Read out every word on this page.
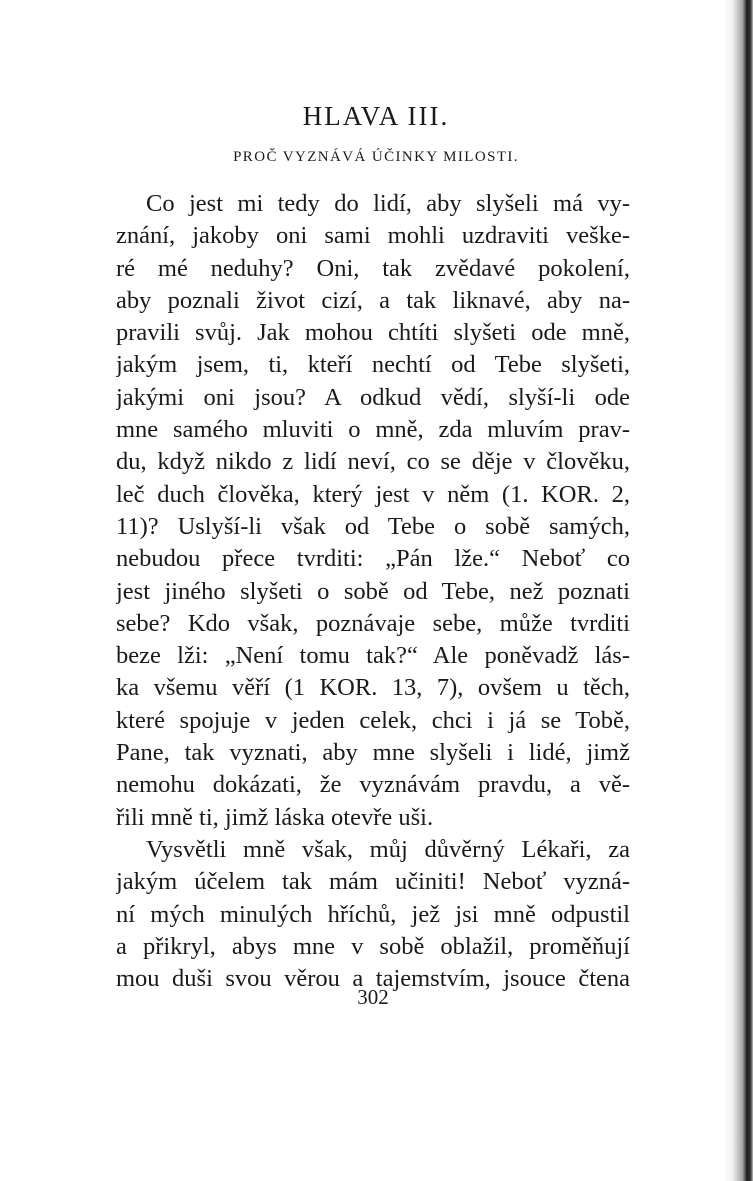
HLAVA III.
PROČ VYZNÁVÁ ÚČINKY MILOSTI.
Co jest mi tedy do lidí, aby slyšeli má vy-
znání, jakoby oni sami mohli uzdraviti veške-
ré mé neduhy? Oni, tak zvědavé pokolení,
aby poznali život cizí, a tak liknavé, aby na-
pravili svůj. Jak mohou chtíti slyšeti ode mně,
jakým jsem, ti, kteří nechtí od Tebe slyšeti,
jakými oni jsou? A odkud vědí, slyší-li ode
mne samého mluviti o mně, zda mluvím prav-
du, když nikdo z lidí neví, co se děje v člověku,
leč duch člověka, který jest v něm (1. KOR. 2,
11)? Uslyší-li však od Tebe o sobě samých,
nebudou přece tvrditi: „Pán lže.“ Neboť co
jest jiného slyšeti o sobě od Tebe, než poznati
sebe? Kdo však, poznávaje sebe, může tvrditi
beze lži: „Není tomu tak?“ Ale poněvadž lás-
ka všemu věří (1 KOR. 13, 7), ovšem u těch,
které spojuje v jeden celek, chci i já se Tobě,
Pane, tak vyznati, aby mne slyšeli i lidé, jimž
nemohu dokázati, že vyznávám pravdu, a vě-
řili mně ti, jimž láska otevře uši.
Vysvětli mně však, můj důvěrný Lékaři, za
jakým účelem tak mám učiniti! Neboť vyzná-
ní mých minulých hříchů, jež jsi mně odpustil
a přikryl, abys mne v sobě oblažil, proměňují
mou duši svou věrou a tajemstvím, jsouce čtena
302
